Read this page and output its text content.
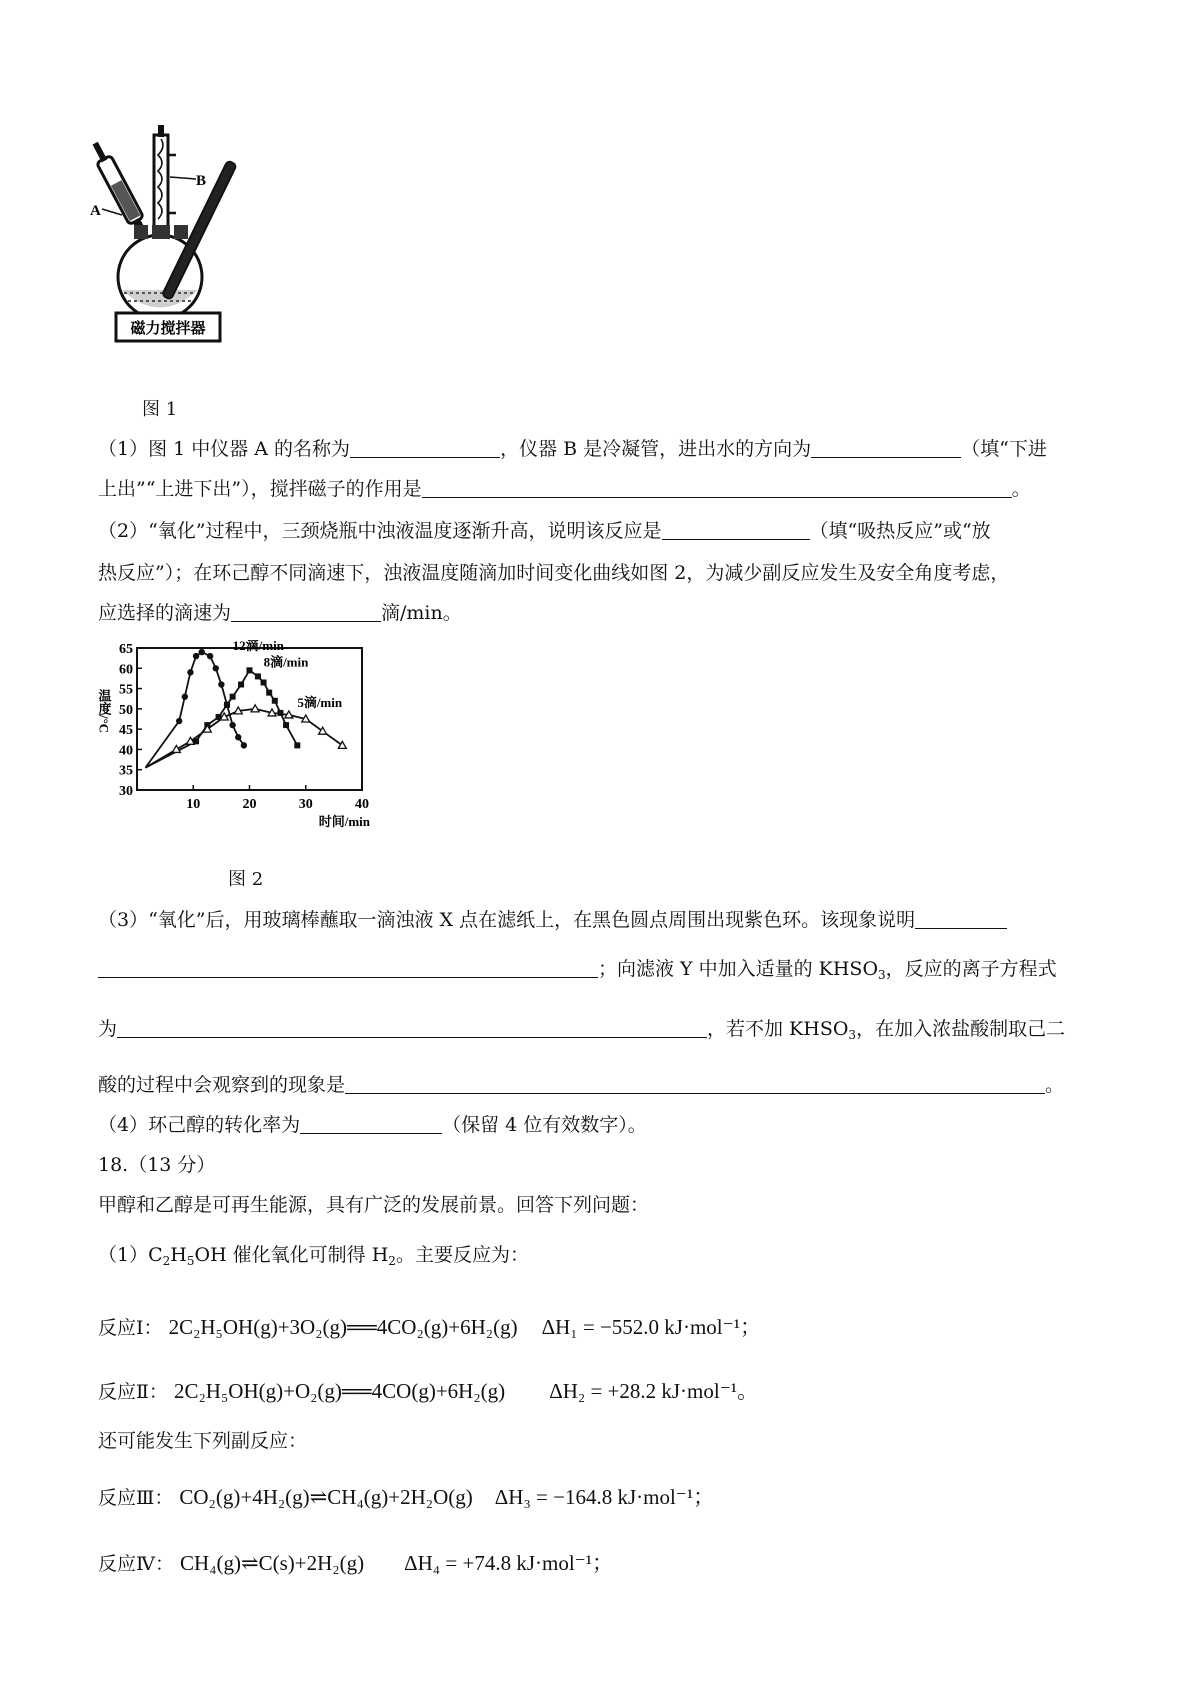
A
B
磁力搅拌器
图 1
（1）图 1 中仪器 A 的名称为	，仪器 B 是冷凝管，进出水的方向为	（填“下进
上出”“上进下出”），搅拌磁子的作用是	。
（2）“氧化”过程中，三颈烧瓶中浊液温度逐渐升高，说明该反应是	（填“吸热反应”或“放
热反应”）；在环己醇不同滴速下，浊液温度随滴加时间变化曲线如图 2，为减少副反应发生及安全角度考虑，
应选择的滴速为	滴/min。
30
35
40
45
50
55
60
65
10	20	30	40
时间/min
温度/°C
12滴/min
8滴/min
5滴/min
图 2
（3）“氧化”后，用玻璃棒蘸取一滴浊液 X 点在滤纸上，在黑色圆点周围出现紫色环。该现象说明
；向滤液 Y 中加入适量的 $KHSO_3$，反应的离子方程式
为	，若不加 $KHSO_3$，在加入浓盐酸制取己二
酸的过程中会观察到的现象是	。
（4）环己醇的转化率为	（保留 4 位有效数字）。
18.（13 分）
甲醇和乙醇是可再生能源，具有广泛的发展前景。回答下列问题：
$(1)C_2H_5OH$ 催化氧化可制得 $H_2$。主要反应为：
反应Ⅰ： 2C₂H₅OH(g)+3O₂(g)══4CO₂(g)+6H₂(g) ΔH₁ = −552.0 kJ·mol⁻¹；
反应Ⅱ： 2C₂H₅OH(g)+O₂(g)══4CO(g)+6H₂(g) ΔH₂ = +28.2 kJ·mol⁻¹。
还可能发生下列副反应：
反应Ⅲ： CO₂(g)+4H₂(g)⇌CH₄(g)+2H₂O(g) ΔH₃ = −164.8 kJ·mol⁻¹；
反应Ⅳ： CH₄(g)⇌C(s)+2H₂(g) ΔH₄ = +74.8 kJ·mol⁻¹；
